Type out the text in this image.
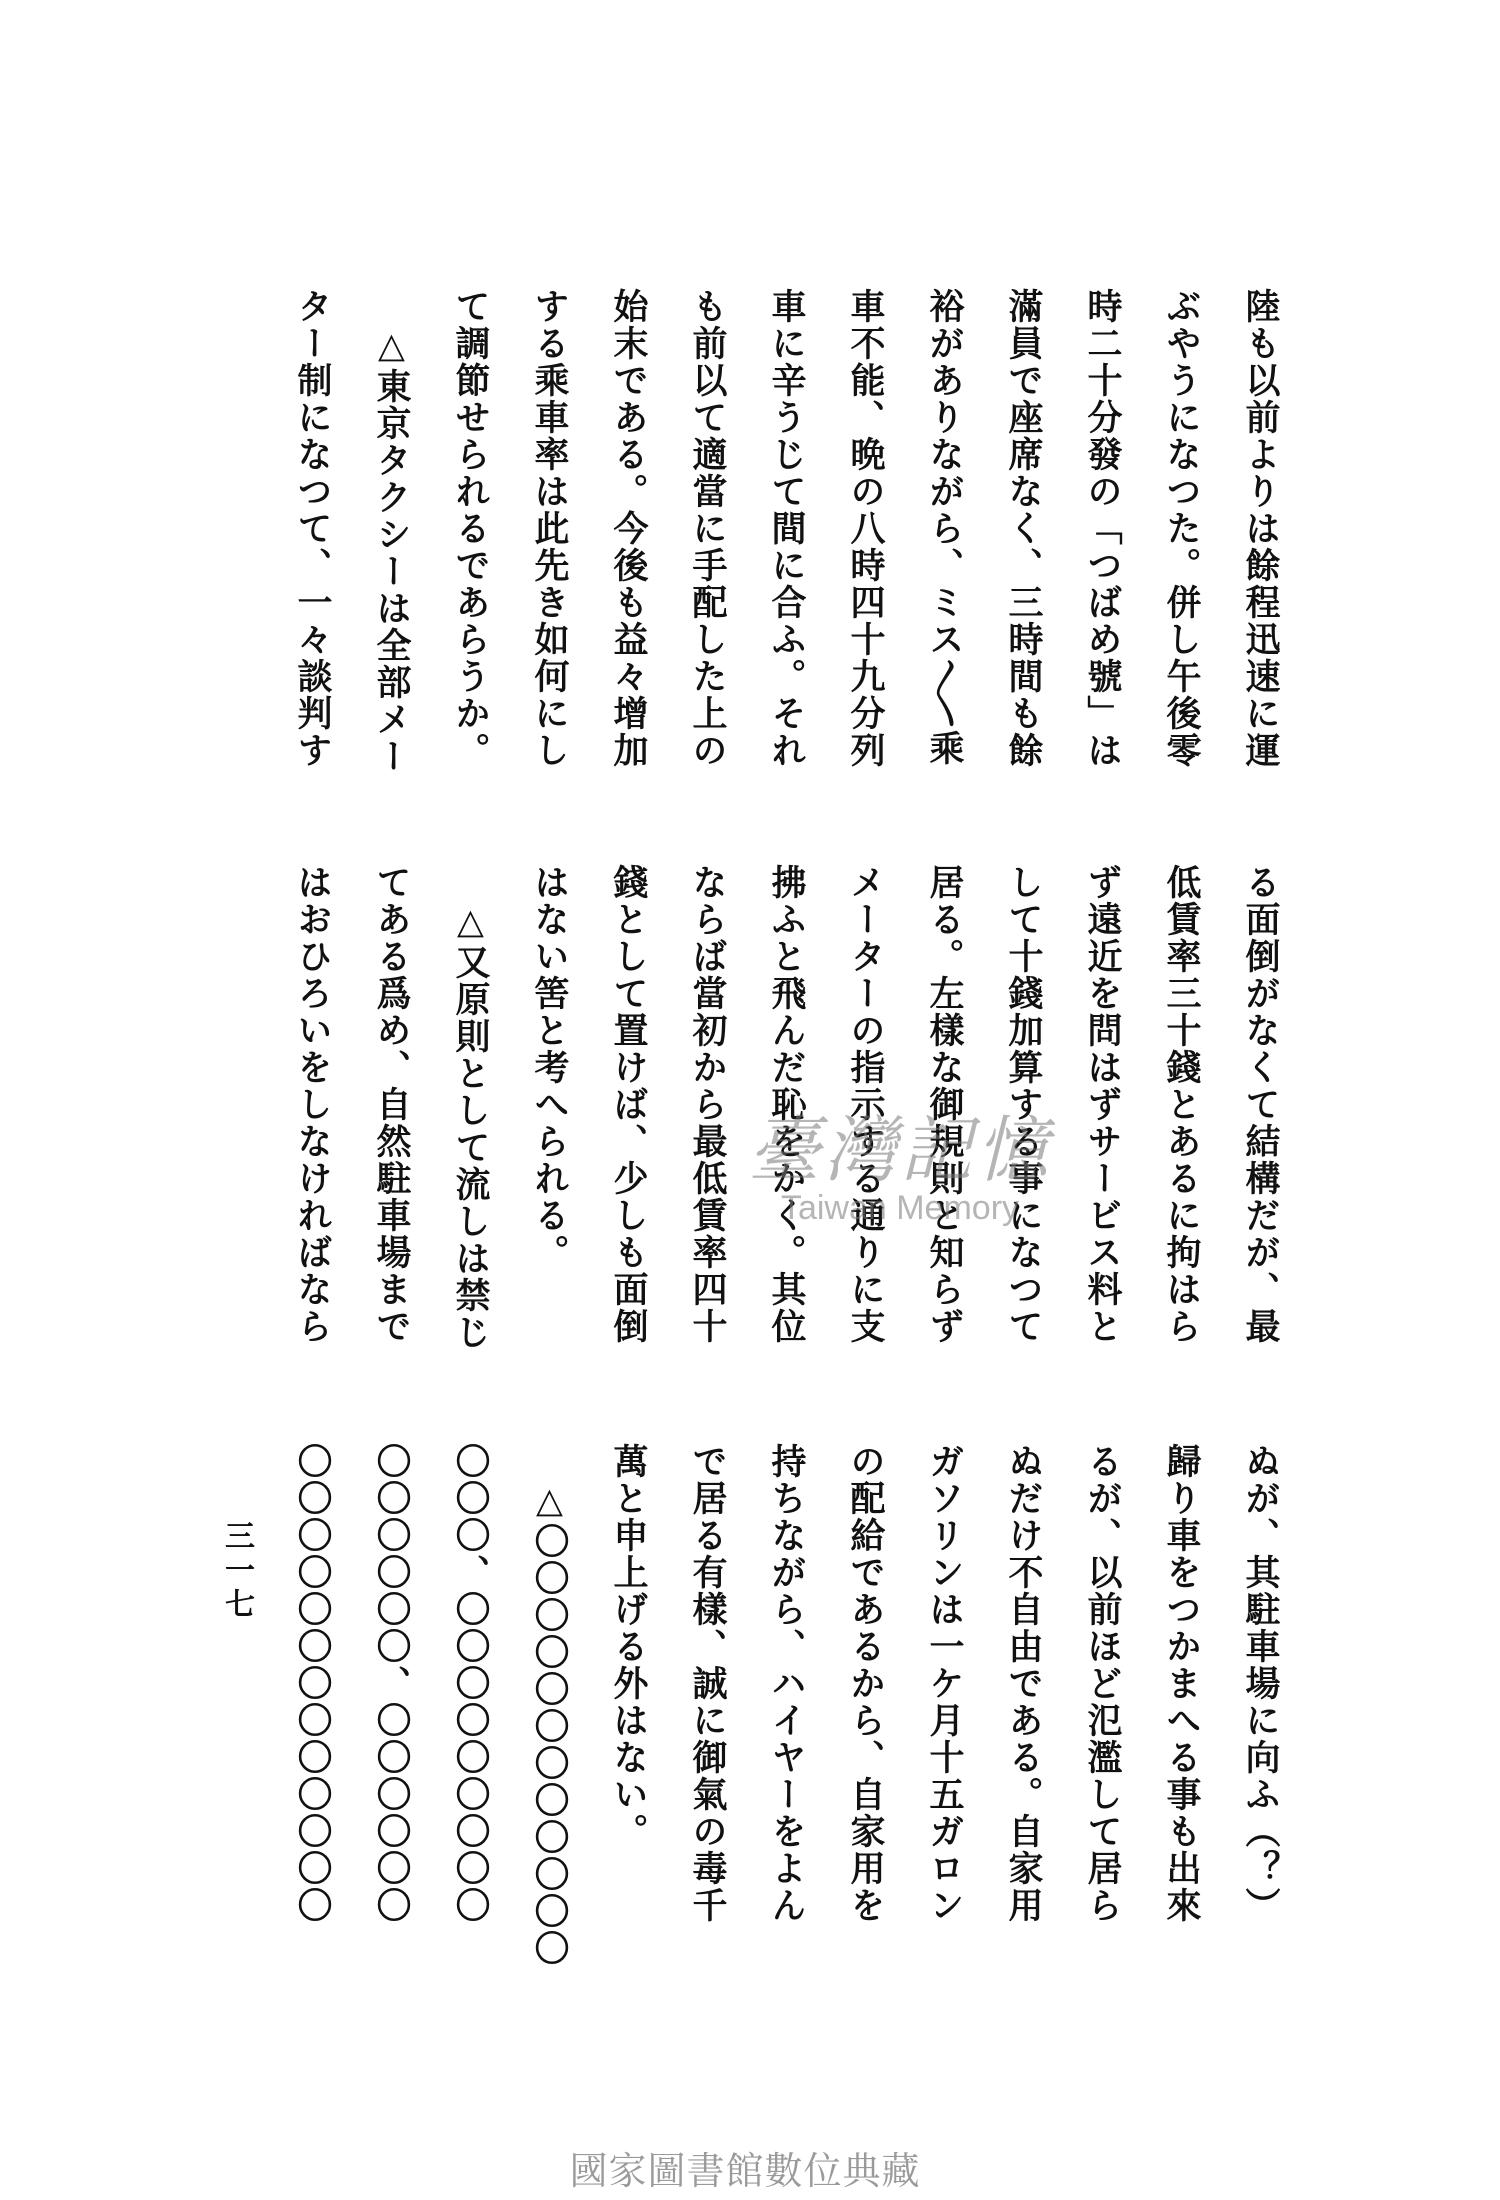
陸も以前よりは餘程迅速に運
ぶやうになつた。併し午後零
時二十分發の「つばめ號」は
滿員で座席なく、三時間も餘
裕がありながら、ミス〳〵乘
車不能、晩の八時四十九分列
車に辛うじて間に合ふ。それ
も前以て適當に手配した上の
始末である。今後も益々增加
する乘車率は此先き如何にし
て調節せられるであらうか。
△東京タクシーは全部メー
ター制になつて、一々談判す
る面倒がなくて結構だが、最
低賃率三十錢とあるに拘はら
ず遠近を問はずサービス料と
して十錢加算する事になつて
居る。左樣な御規則と知らず
メーターの指示する通りに支
拂ふと飛んだ恥をかく。其位
ならば當初から最低賃率四十
錢として置けば、少しも面倒
はない筈と考へられる。
△又原則として流しは禁じ
てある爲め、自然駐車場まで
はおひろいをしなければなら
ぬが、其駐車場に向ふ（？）
歸り車をつかまへる事も出來
るが、以前ほど氾濫して居ら
ぬだけ不自由である。自家用
ガソリンは一ケ月十五ガロン
の配給であるから、自家用を
持ちながら、ハイヤーをよん
で居る有樣、誠に御氣の毒千
萬と申上げる外はない。
△〇〇〇〇〇〇〇〇〇〇〇〇
〇〇〇、〇〇〇〇〇〇〇〇〇
〇〇〇〇〇〇、〇〇〇〇〇〇
〇〇〇〇〇〇〇〇〇〇〇〇〇
三一七
臺灣記憶
Taiwan Memory
國家圖書館數位典藏
